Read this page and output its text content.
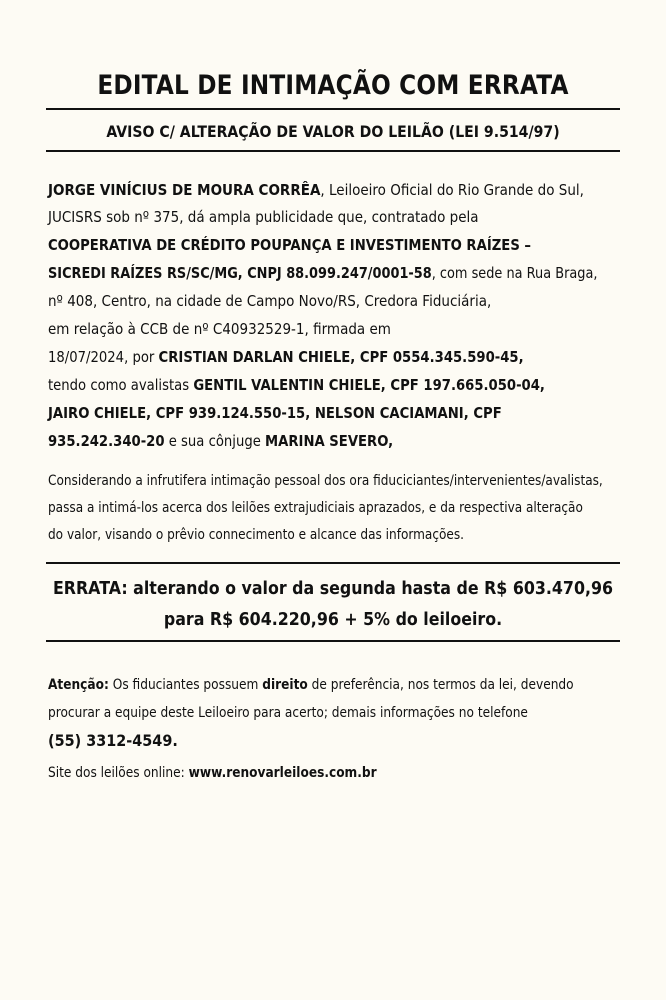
EDITAL DE INTIMAÇÃO COM ERRATA
AVISO C/ ALTERAÇÃO DE VALOR DO LEILÃO (LEI 9.514/97)
JORGE VINÍCIUS DE MOURA CORRÊA, Leiloeiro Oficial do Rio Grande do Sul,
JUCISRS sob nº 375, dá ampla publicidade que, contratado pela
COOPERATIVA DE CRÉDITO POUPANÇA E INVESTIMENTO RAÍZES –
SICREDI RAÍZES RS/SC/MG, CNPJ 88.099.247/0001-58, com sede na Rua Braga,
nº 408, Centro, na cidade de Campo Novo/RS, Credora Fiduciária,
em relação à CCB de nº C40932529-1, firmada em
18/07/2024, por CRISTIAN DARLAN CHIELE, CPF 0554.345.590-45,
tendo como avalistas GENTIL VALENTIN CHIELE, CPF 197.665.050-04,
JAIRO CHIELE, CPF 939.124.550-15, NELSON CACIAMANI, CPF
935.242.340-20 e sua cônjuge MARINA SEVERO,
Considerando a infrutifera intimação pessoal dos ora fiduciciantes/intervenientes/avalistas,
passa a intimá-los acerca dos leilões extrajudiciais aprazados, e da respectiva alteração
do valor, visando o prêvio connecimento e alcance das informações.
ERRATA: alterando o valor da segunda hasta de R$ 603.470,96
para R$ 604.220,96 + 5% do leiloeiro.
Atenção: Os fiduciantes possuem direito de preferência, nos termos da lei, devendo
procurar a equipe deste Leiloeiro para acerto; demais informações no telefone
(55) 3312-4549.
Site dos leilões online: www.renovarleiloes.com.br
